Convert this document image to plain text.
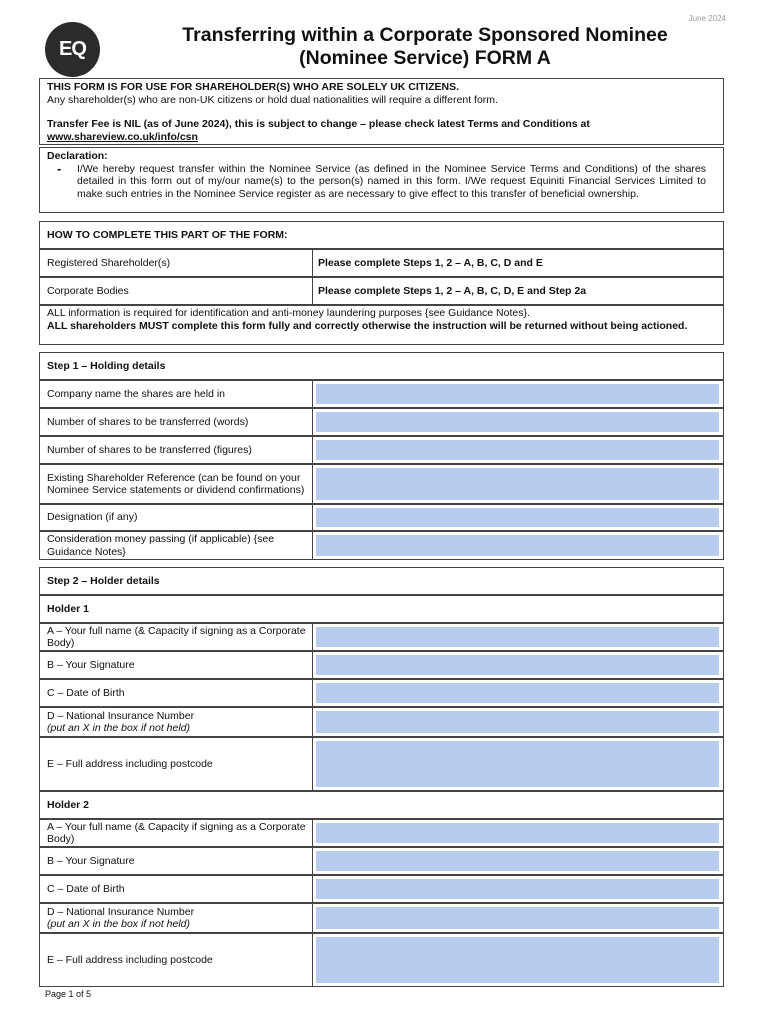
June 2024
EQ
Transferring within a Corporate Sponsored Nominee
(Nominee Service) FORM A
THIS FORM IS FOR USE FOR SHAREHOLDER(S) WHO ARE SOLELY UK CITIZENS.
Any shareholder(s) who are non-UK citizens or hold dual nationalities will require a different form.
Transfer Fee is NIL (as of June 2024), this is subject to change – please check latest Terms and Conditions at
www.shareview.co.uk/info/csn
Declaration:
- I/We hereby request transfer within the Nominee Service (as defined in the Nominee Service Terms and Conditions) of the shares detailed in this form out of my/our name(s) to the person(s) named in this form. I/We request Equiniti Financial Services Limited to make such entries in the Nominee Service register as are necessary to give effect to this transfer of beneficial ownership.
HOW TO COMPLETE THIS PART OF THE FORM:
Registered Shareholder(s)	Please complete Steps 1, 2 – A, B, C, D and E
Corporate Bodies	Please complete Steps 1, 2 – A, B, C, D, E and Step 2a
ALL information is required for identification and anti-money laundering purposes {see Guidance Notes}.
ALL shareholders MUST complete this form fully and correctly otherwise the instruction will be returned without being actioned.
Step 1 – Holding details
Company name the shares are held in
Number of shares to be transferred (words)
Number of shares to be transferred (figures)
Existing Shareholder Reference (can be found on your Nominee Service statements or dividend confirmations)
Designation (if any)
Consideration money passing (if applicable) {see Guidance Notes}
Step 2 – Holder details
Holder 1
A – Your full name (& Capacity if signing as a Corporate Body)
B – Your Signature
C – Date of Birth
D – National Insurance Number
(put an X in the box if not held)
E – Full address including postcode
Holder 2
A – Your full name (& Capacity if signing as a Corporate Body)
B – Your Signature
C – Date of Birth
D – National Insurance Number
(put an X in the box if not held)
E – Full address including postcode
Page 1 of 5
